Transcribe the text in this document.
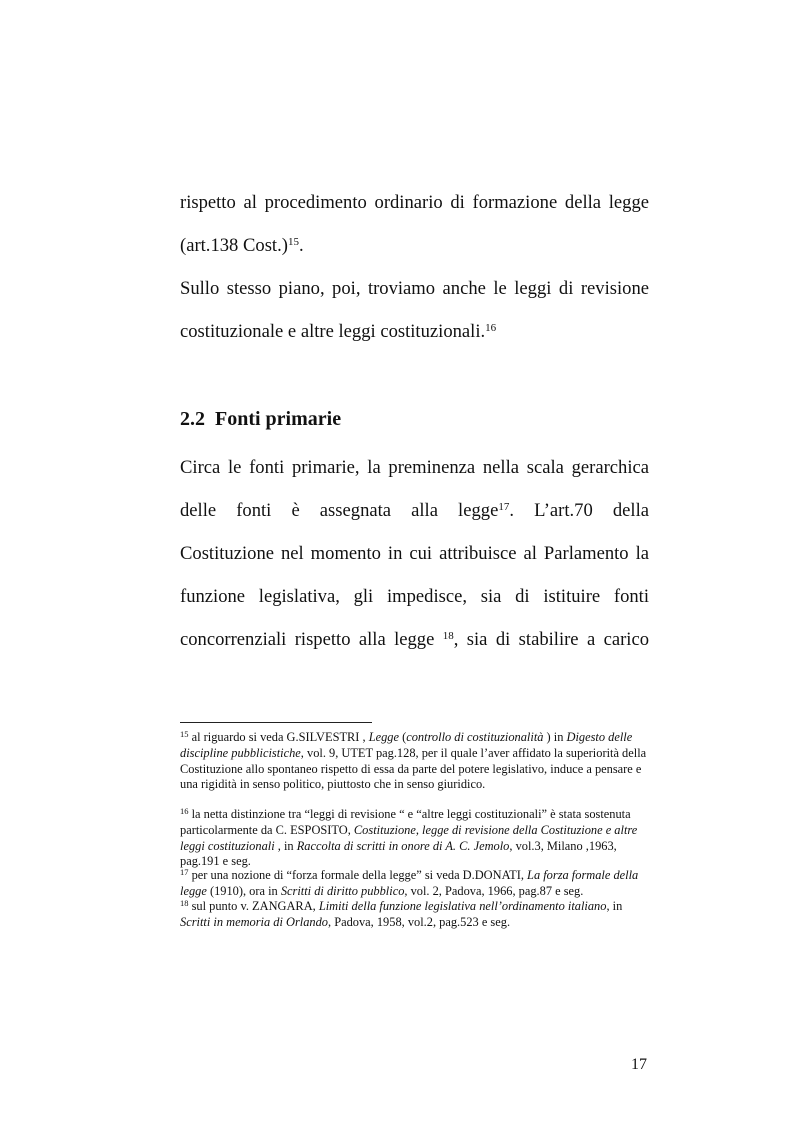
rispetto al procedimento ordinario di formazione della legge
(art.138 Cost.)$^{15}$.
Sullo stesso piano, poi, troviamo anche le leggi di revisione
costituzionale e altre leggi costituzionali.$^{16}$
2.2 Fonti primarie
Circa le fonti primarie, la preminenza nella scala gerarchica
delle fonti è assegnata alla legge$^{17}$. L’art.70 della
Costituzione nel momento in cui attribuisce al Parlamento la
funzione legislativa, gli impedisce, sia di istituire fonti
concorrenziali rispetto alla legge $^{18}$, sia di stabilire a carico
$^{15}$ al riguardo si veda G.SILVESTRI , Legge (controllo di costituzionalità ) in Digesto delle discipline pubblicistiche, vol. 9, UTET pag.128, per il quale l’aver affidato la superiorità della Costituzione allo spontaneo rispetto di essa da parte del potere legislativo, induce a pensare e una rigidità in senso politico, piuttosto che in senso giuridico.
$^{16}$ la netta distinzione tra “leggi di revisione “ e “altre leggi costituzionali” è stata sostenuta particolarmente da C. ESPOSITO, Costituzione, legge di revisione della Costituzione e altre leggi costituzionali , in Raccolta di scritti in onore di A. C. Jemolo, vol.3, Milano ,1963, pag.191 e seg.
$^{17}$ per una nozione di “forza formale della legge” si veda D.DONATI, La forza formale della legge (1910), ora in Scritti di diritto pubblico, vol. 2, Padova, 1966, pag.87 e seg.
$^{18}$ sul punto v. ZANGARA, Limiti della funzione legislativa nell’ordinamento italiano, in Scritti in memoria di Orlando, Padova, 1958, vol.2, pag.523 e seg.
17
